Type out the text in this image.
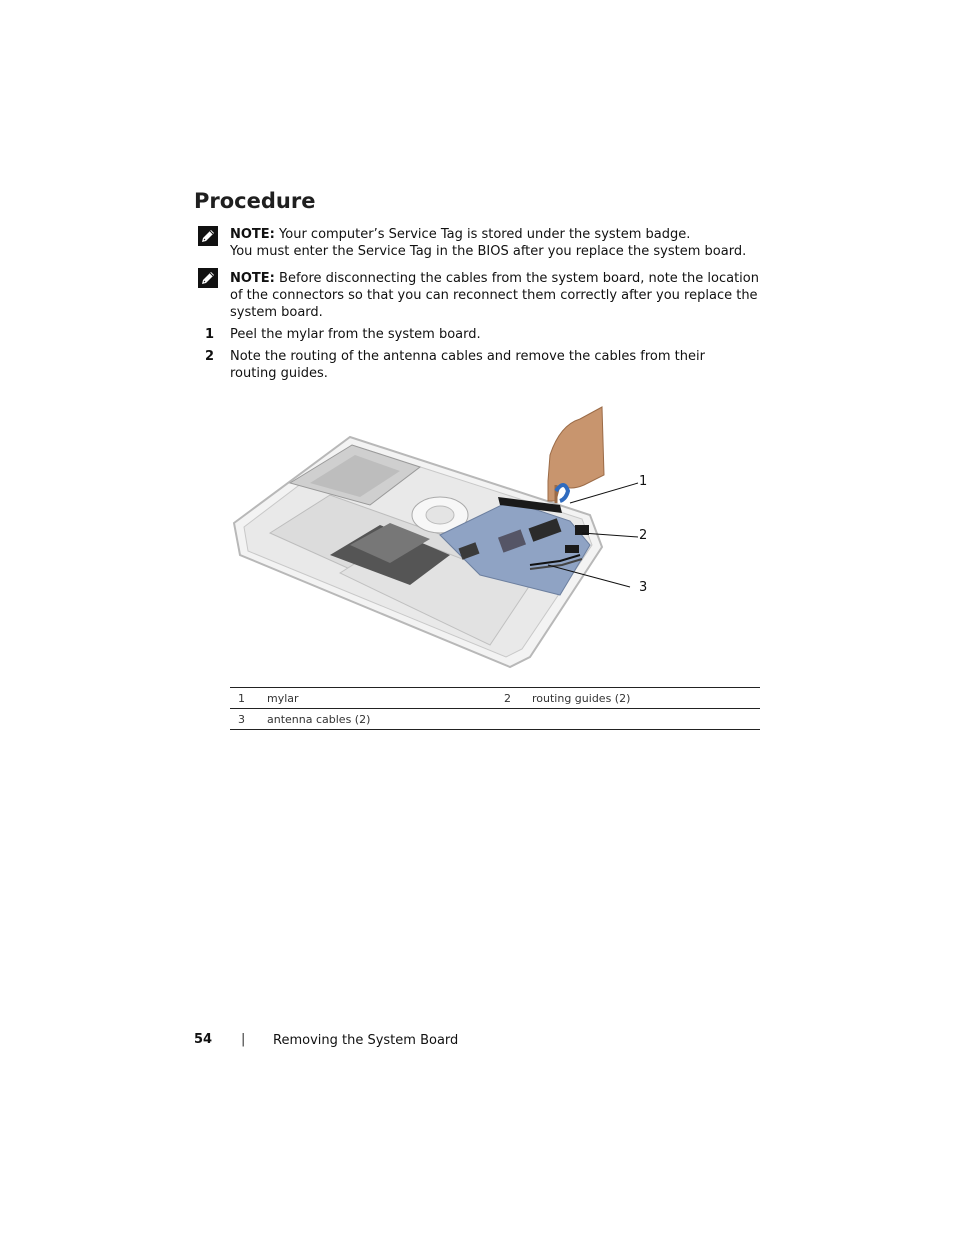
Procedure
NOTE: Your computer’s Service Tag is stored under the system badge.
You must enter the Service Tag in the BIOS after you replace the system board.
NOTE: Before disconnecting the cables from the system board, note the location
of the connectors so that you can reconnect them correctly after you replace the
system board.
1 Peel the mylar from the system board.
2 Note the routing of the antenna cables and remove the cables from their
routing guides.
1
2
3
1	mylar	2	routing guides (2)
3	antenna cables (2)		
54 | Removing the System Board
